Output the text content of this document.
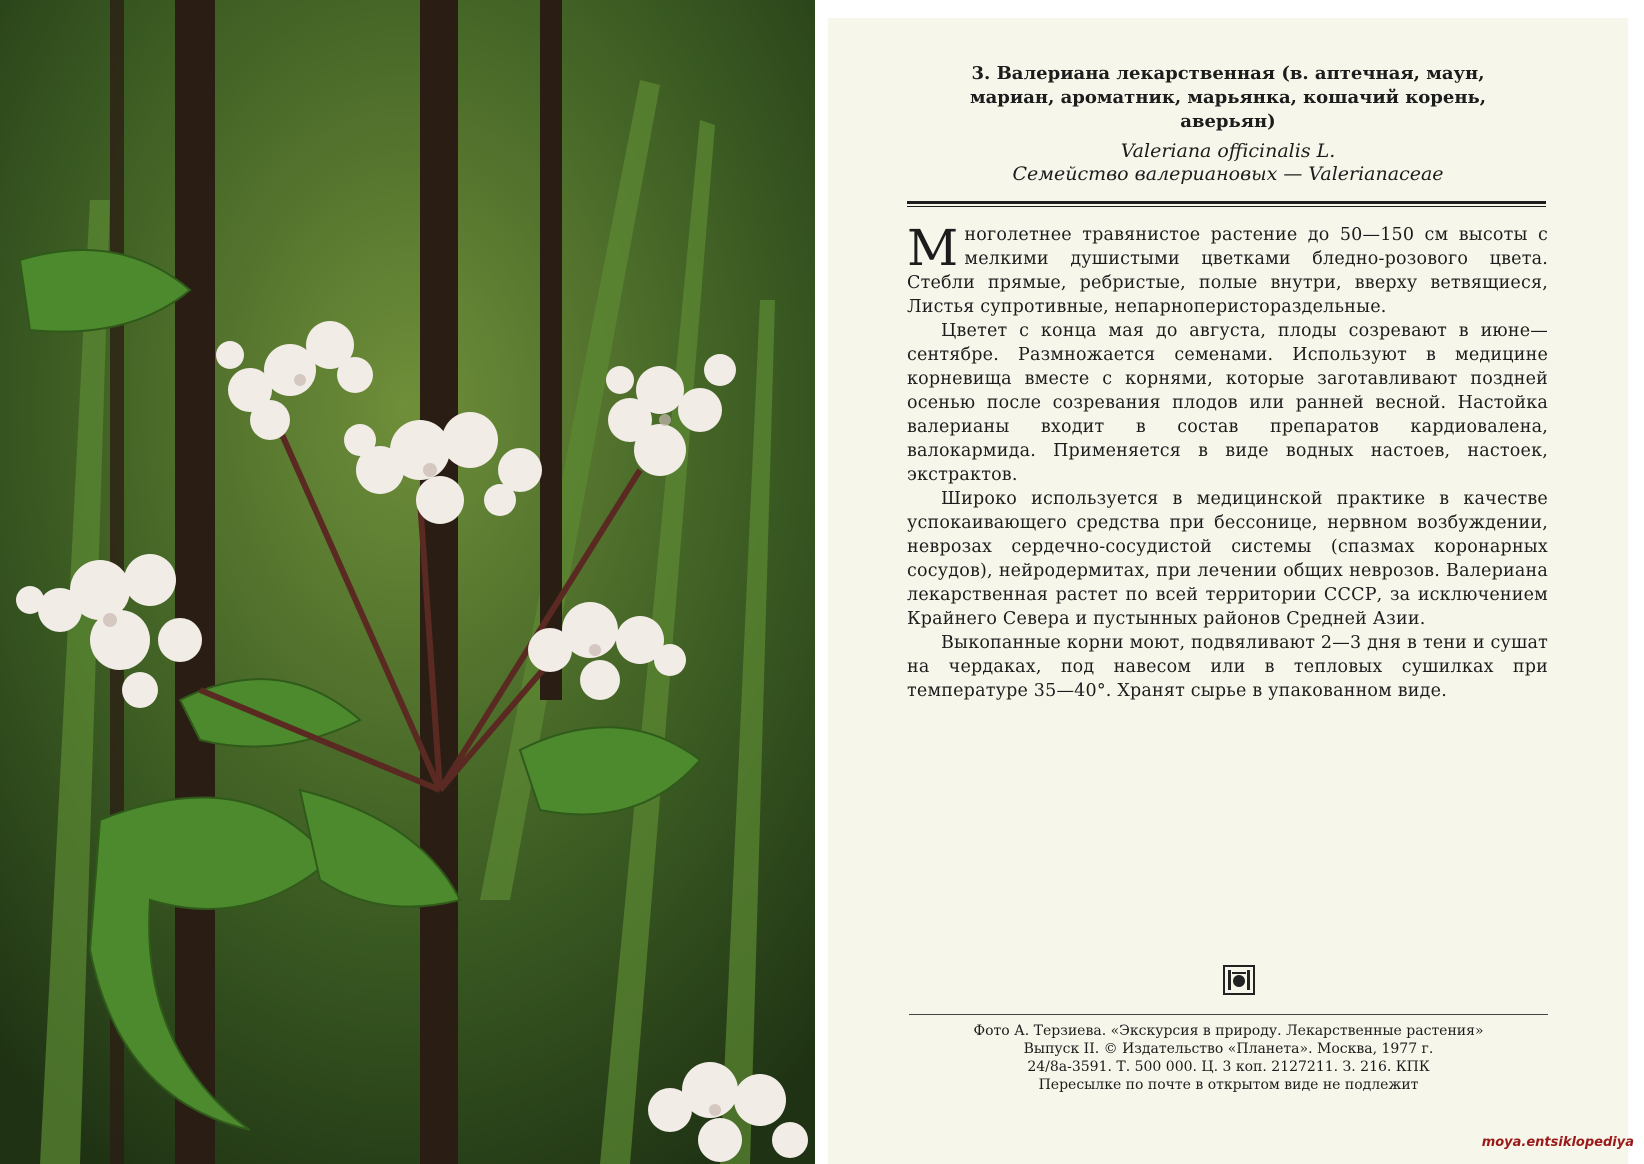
3. Валериана лекарственная (в. аптечная, маун,
мариан, ароматник, марьянка, кошачий корень,
аверьян)

Valeriana officinalis L.

Семейство валериановых — Valerianaceae

Многолетнее травянистое растение до 50—150 см высоты с мелкими душистыми цветками бледно-розового цвета. Стебли прямые, ребристые, полые внутри, вверху ветвящиеся, Листья супротивные, непарноперистораздельные.

Цветет с конца мая до августа, плоды созревают в июне—сентябре. Размножается семенами. Используют в медицине корневища вместе с корнями, которые заготавливают поздней осенью после созревания плодов или ранней весной. Настойка валерианы входит в состав препаратов кардиовалена, валокармида. Применяется в виде водных настоев, настоек, экстрактов.

Широко используется в медицинской практике в качестве успокаивающего средства при бессонице, нервном возбуждении, неврозах сердечно-сосудистой системы (спазмах коронарных сосудов), нейродермитах, при лечении общих неврозов. Валериана лекарственная растет по всей территории СССР, за исключением Крайнего Севера и пустынных районов Средней Азии.

Выкопанные корни моют, подвяливают 2—3 дня в тени и сушат на чердаках, под навесом или в тепловых сушилках при температуре 35—40°. Хранят сырье в упакованном виде.

Фото А. Терзиева. «Экскурсия в природу. Лекарственные растения»
Выпуск II. © Издательство «Планета». Москва, 1977 г.
24/8а-3591. Т. 500 000. Ц. 3 коп. 2127211. З. 216. КПК
Пересылке по почте в открытом виде не подлежит

moya.entsiklopediya
